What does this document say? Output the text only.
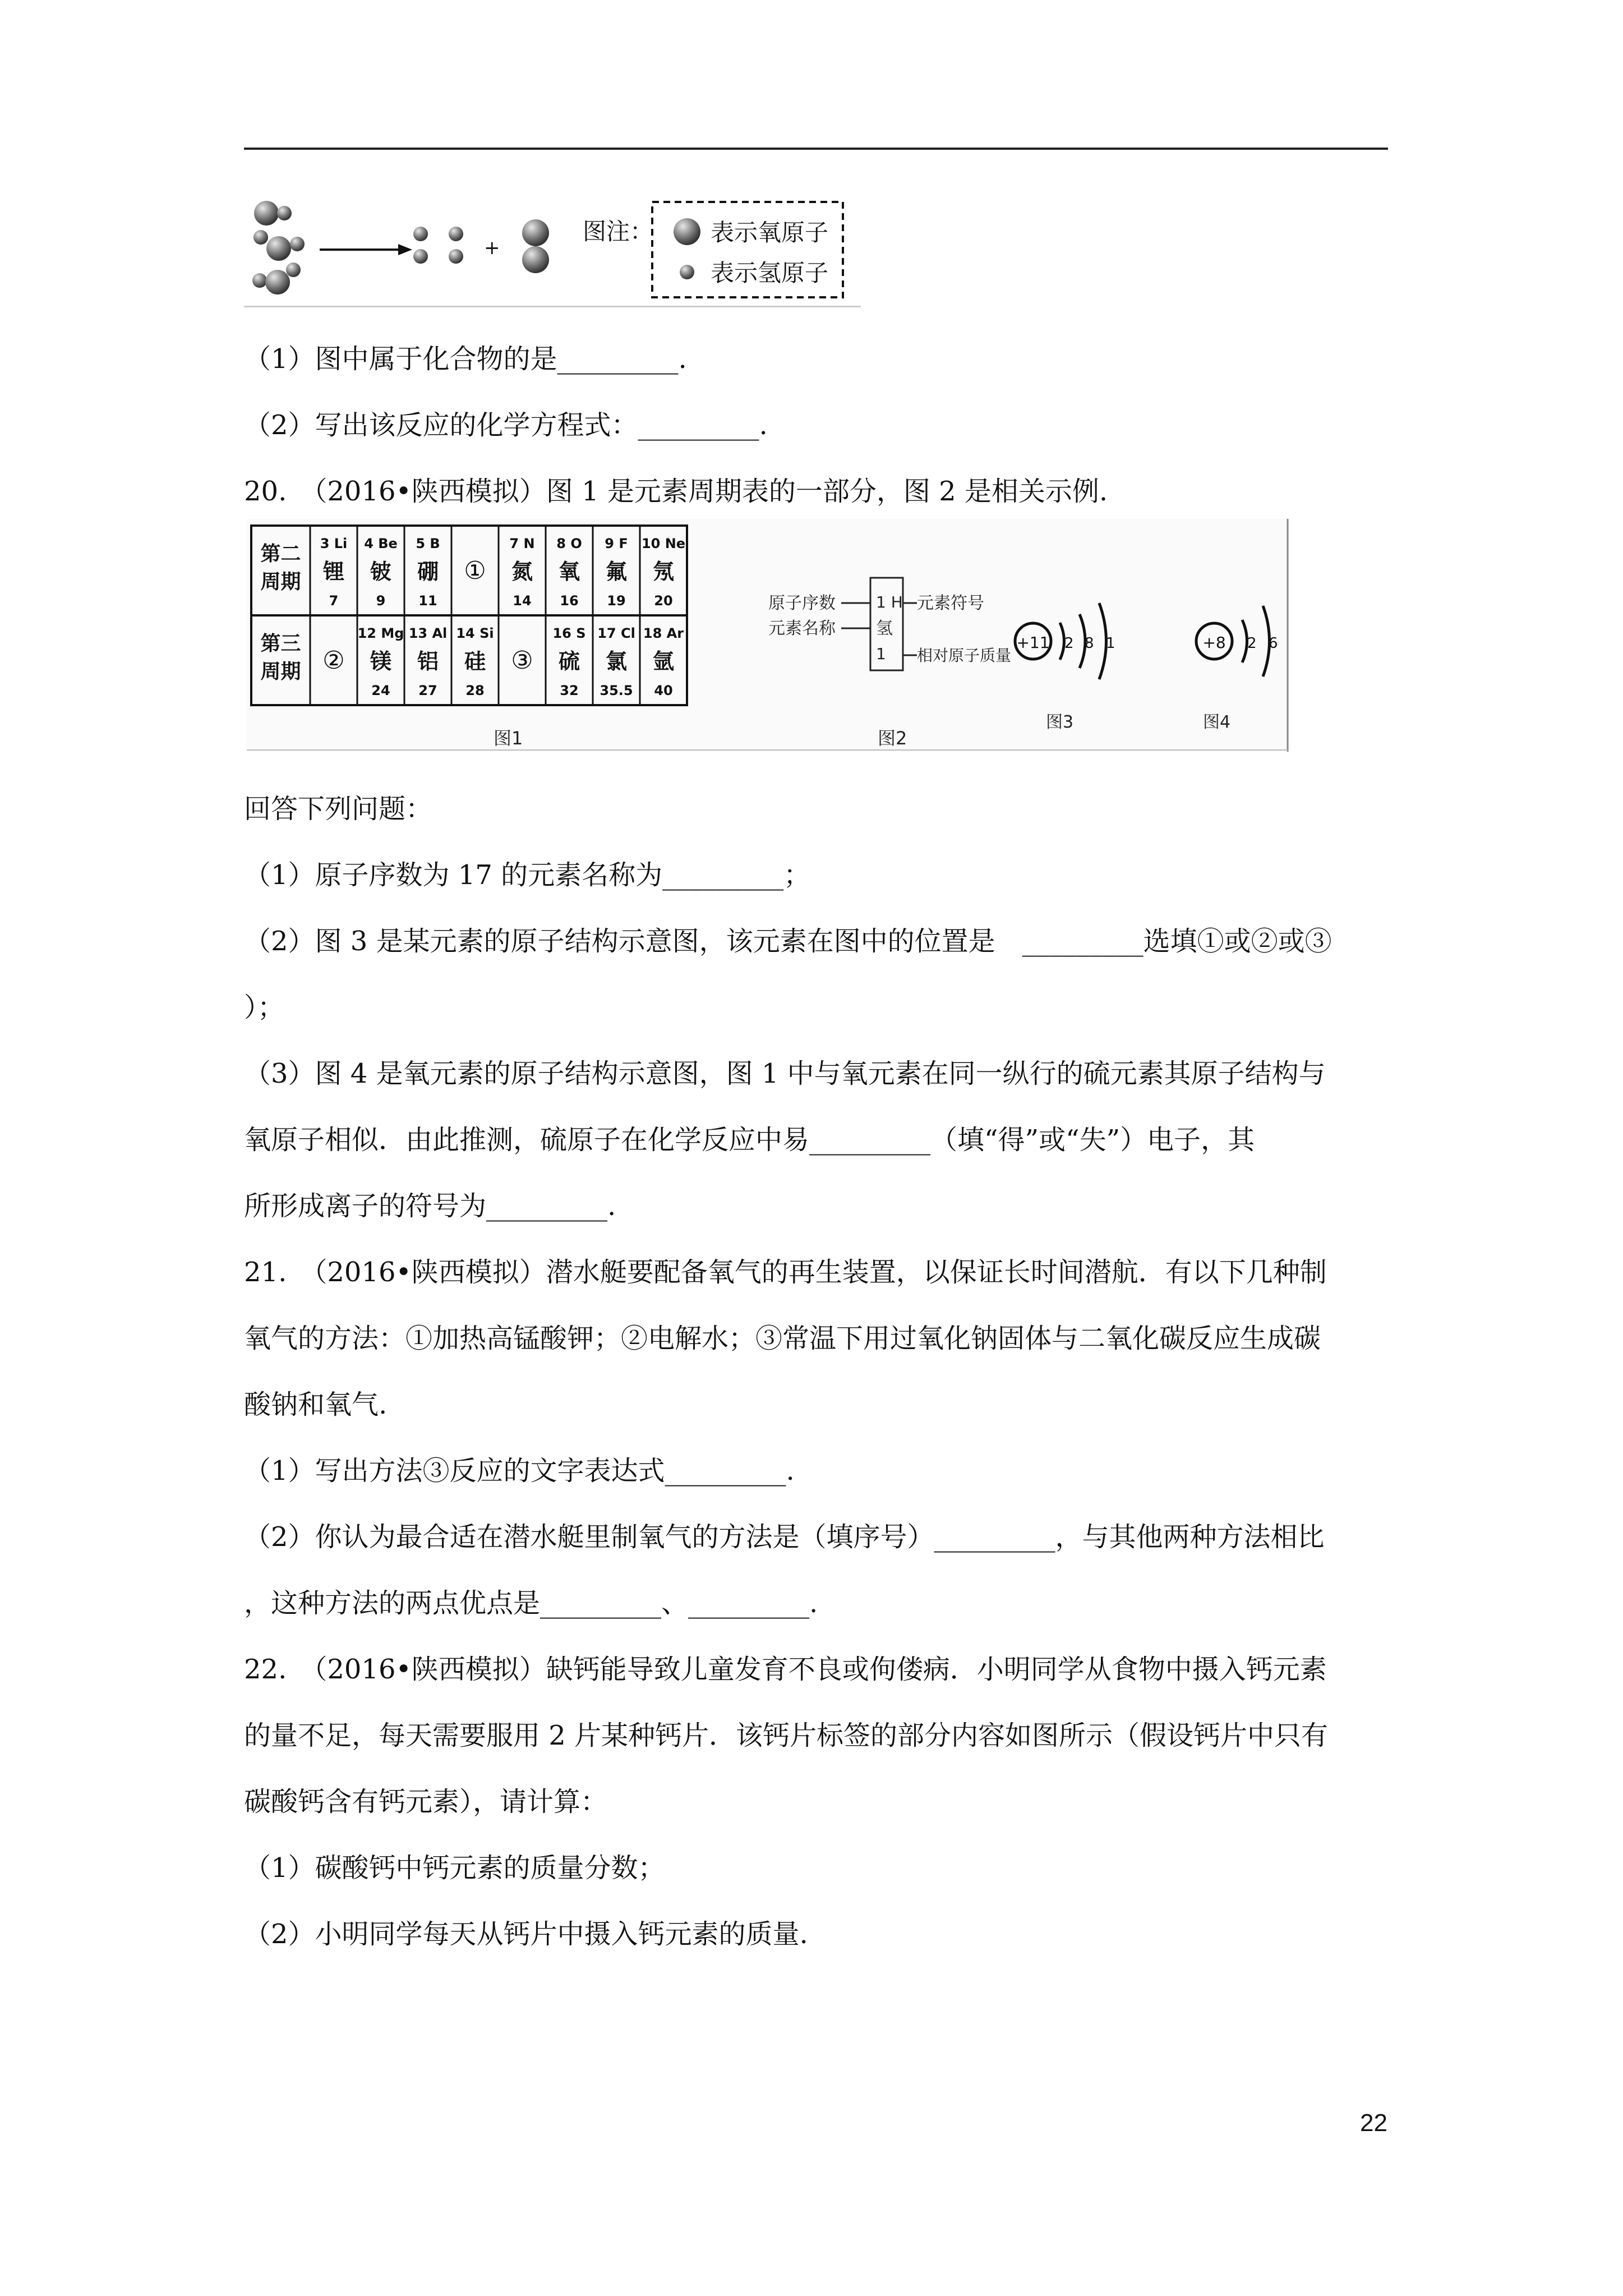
+
图注： 表示氧原子
表示氢原子
（1）图中属于化合物的是_________.
（2）写出该反应的化学方程式：_________.
20.　（2016•陕西模拟）图 1 是元素周期表的一部分，图 2 是相关示例.
第二
周期
3 Li
锂
7
4 Be
铍
9
5 B
硼
11
①
7 N
氮
14
8 O
氧
16
9 F
氟
19
10 Ne
氖
20
第三
周期 ②
12 Mg
镁
24
13 Al
铝
27
14 Si
硅
28
③
16 S
硫
32
17 Cl
氯
35.5
18 Ar
氩
40
图1
原子序数
元素名称
1 H
氢
1
元素符号
相对原子质量
图2
+11 2 8 1
图3
+8 2 6
图4
回答下列问题：
（1）原子序数为 17 的元素名称为_________；
（2）图 3 是某元素的原子结构示意图，该元素在图中的位置是　_________选填①或②或③
）；
（3）图 4 是氧元素的原子结构示意图，图 1 中与氧元素在同一纵行的硫元素其原子结构与
氧原子相似．由此推测，硫原子在化学反应中易_________（填“得”或“失”）电子，其
所形成离子的符号为_________.
21.　（2016•陕西模拟）潜水艇要配备氧气的再生装置，以保证长时间潜航．有以下几种制
氧气的方法：①加热高锰酸钾；②电解水；③常温下用过氧化钠固体与二氧化碳反应生成碳
酸钠和氧气.
（1）写出方法③反应的文字表达式_________.
（2）你认为最合适在潜水艇里制氧气的方法是（填序号）_________，与其他两种方法相比
，这种方法的两点优点是_________、_________.
22.　（2016•陕西模拟）缺钙能导致儿童发育不良或佝偻病．小明同学从食物中摄入钙元素
的量不足，每天需要服用 2 片某种钙片．该钙片标签的部分内容如图所示（假设钙片中只有
碳酸钙含有钙元素），请计算：
（1）碳酸钙中钙元素的质量分数；
（2）小明同学每天从钙片中摄入钙元素的质量.
22
